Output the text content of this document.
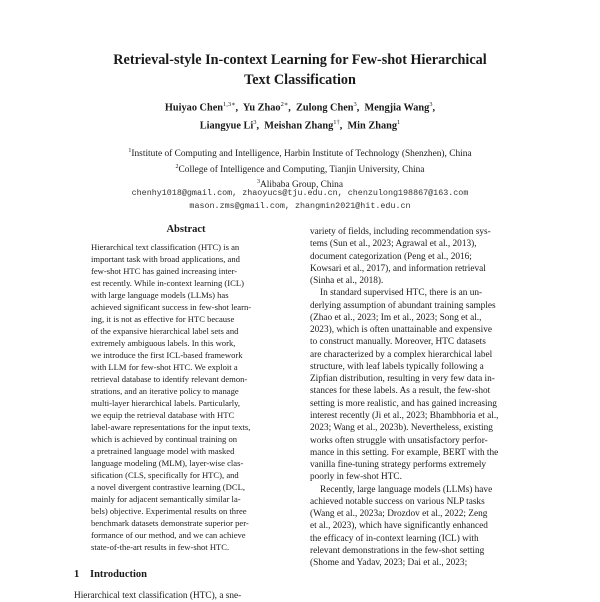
Retrieval-style In-context Learning for Few-shot Hierarchical
Text Classification
Huiyao Chen$^{1,3∗}$,  Yu Zhao$^{2∗}$,  Zulong Chen$^3$,  Mengjia Wang$^3$,
Liangyue Li$^3$,  Meishan Zhang$^{1\dagger}$,  Min Zhang$^1$
$^1$Institute of Computing and Intelligence, Harbin Institute of Technology (Shenzhen), China
$^2$College of Intelligence and Computing, Tianjin University, China
$^3$Alibaba Group, China
chenhy1018@gmail.com, zhaoyucs@tju.edu.cn, chenzulong198867@163.com
mason.zms@gmail.com, zhangmin2021@hit.edu.cn
Abstract
Hierarchical text classification (HTC) is an
important task with broad applications, and
few-shot HTC has gained increasing inter-
est recently. While in-context learning (ICL)
with large language models (LLMs) has
achieved significant success in few-shot learn-
ing, it is not as effective for HTC because
of the expansive hierarchical label sets and
extremely ambiguous labels. In this work,
we introduce the first ICL-based framework
with LLM for few-shot HTC. We exploit a
retrieval database to identify relevant demon-
strations, and an iterative policy to manage
multi-layer hierarchical labels. Particularly,
we equip the retrieval database with HTC
label-aware representations for the input texts,
which is achieved by continual training on
a pretrained language model with masked
language modeling (MLM), layer-wise clas-
sification (CLS, specifically for HTC), and
a novel divergent contrastive learning (DCL,
mainly for adjacent semantically similar la-
bels) objective. Experimental results on three
benchmark datasets demonstrate superior per-
formance of our method, and we can achieve
state-of-the-art results in few-shot HTC.
1 Introduction
Hierarchical text classification (HTC), a sne-
variety of fields, including recommendation sys-
tems (Sun et al., 2023; Agrawal et al., 2013),
document categorization (Peng et al., 2016;
Kowsari et al., 2017), and information retrieval
(Sinha et al., 2018).
In standard supervised HTC, there is an un-
derlying assumption of abundant training samples
(Zhao et al., 2023; Im et al., 2023; Song et al.,
2023), which is often unattainable and expensive
to construct manually. Moreover, HTC datasets
are characterized by a complex hierarchical label
structure, with leaf labels typically following a
Zipfian distribution, resulting in very few data in-
stances for these labels. As a result, the few-shot
setting is more realistic, and has gained increasing
interest recently (Ji et al., 2023; Bhambhoria et al.,
2023; Wang et al., 2023b). Nevertheless, existing
works often struggle with unsatisfactory perfor-
mance in this setting. For example, BERT with the
vanilla fine-tuning strategy performs extremely
poorly in few-shot HTC.
Recently, large language models (LLMs) have
achieved notable success on various NLP tasks
(Wang et al., 2023a; Drozdov et al., 2022; Zeng
et al., 2023), which have significantly enhanced
the efficacy of in-context learning (ICL) with
relevant demonstrations in the few-shot setting
(Shome and Yadav, 2023; Dai et al., 2023;
